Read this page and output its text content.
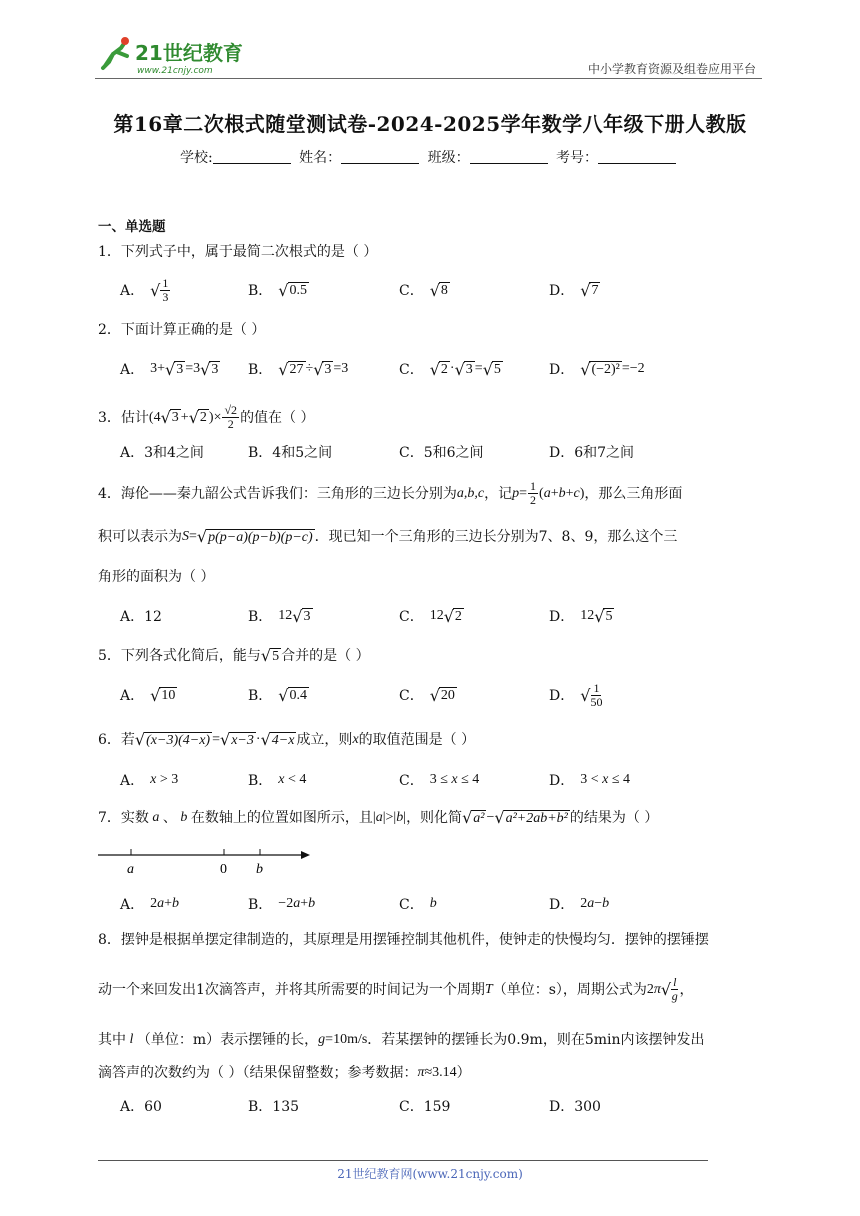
21世纪教育
www.21cnjy.com	中小学教育资源及组卷应用平台
第16章二次根式随堂测试卷-2024-2025学年数学八年级下册人教版
学校:	姓名：	班级：	考号：
一、单选题
1．下列式子中，属于最简二次根式的是（ ）
A． √ $\frac{1}{3}$	B． √ 0.5	C． √ 8	D． √ 7
2．下面计算正确的是（ ）
A． 3+ √ 3 =3 √ 3 B． √ 27 ÷ √ 3 =3	C． √ 2 · √ 3 = √ 5	D． √ (−2)² =−2
3．估计 (4 √ 3 + √ 2 )× $\frac{√2}{2}$ 的值在（ ）
A．3和4之间	B．4和5之间	C．5和6之间	D．6和7之间
4．海伦——秦九韶公式告诉我们：三角形的三边长分别为 a,b,c ，记 $p = \frac{1}{2} (a+b+c)$ ，那么三角形面
积可以表示为 S = √ p(p−a)(p−b)(p−c) ．现已知一个三角形的三边长分别为7、8、9，那么这个三
角形的面积为（ ）
A．12	B． 12 √ 3	C． 12 √ 2	D． 12 √ 5
5．下列各式化简后，能与 √ 5 合并的是（ ）
A． √ 10	B． √ 0.4	C． √ 20	D． √ $\frac{1}{50}$
6．若 √ (x−3)(4−x) = √ x−3 · √ 4−x 成立，则 x 的取值范围是（ ）
A． x > 3	B． x < 4	C． 3 ≤ x ≤ 4	D． 3 < x ≤ 4
7．实数 a 、 b 在数轴上的位置如图所示，且 |a|>|b| ，则化简 √ a² − √ a²+2ab+b² 的结果为（ ）
a	0 b
A． 2a+b	B． −2a+b	C． b	D． 2a−b
8．摆钟是根据单摆定律制造的，其原理是用摆锤控制其他机件，使钟走的快慢均匀．摆钟的摆锤摆
动一个来回发出1次滴答声，并将其所需要的时间记为一个周期 T （单位：s），周期公式为 2π √ $\frac{l}{g}$ ，
其中 l （单位：m）表示摆锤的长， g=10m/s ．若某摆钟的摆锤长为0.9m，则在5min内该摆钟发出
滴答声的次数约为（ ）（结果保留整数；参考数据： π≈3.14 ）
A．60	B．135	C．159	D．300
21世纪教育网(www.21cnjy.com)
